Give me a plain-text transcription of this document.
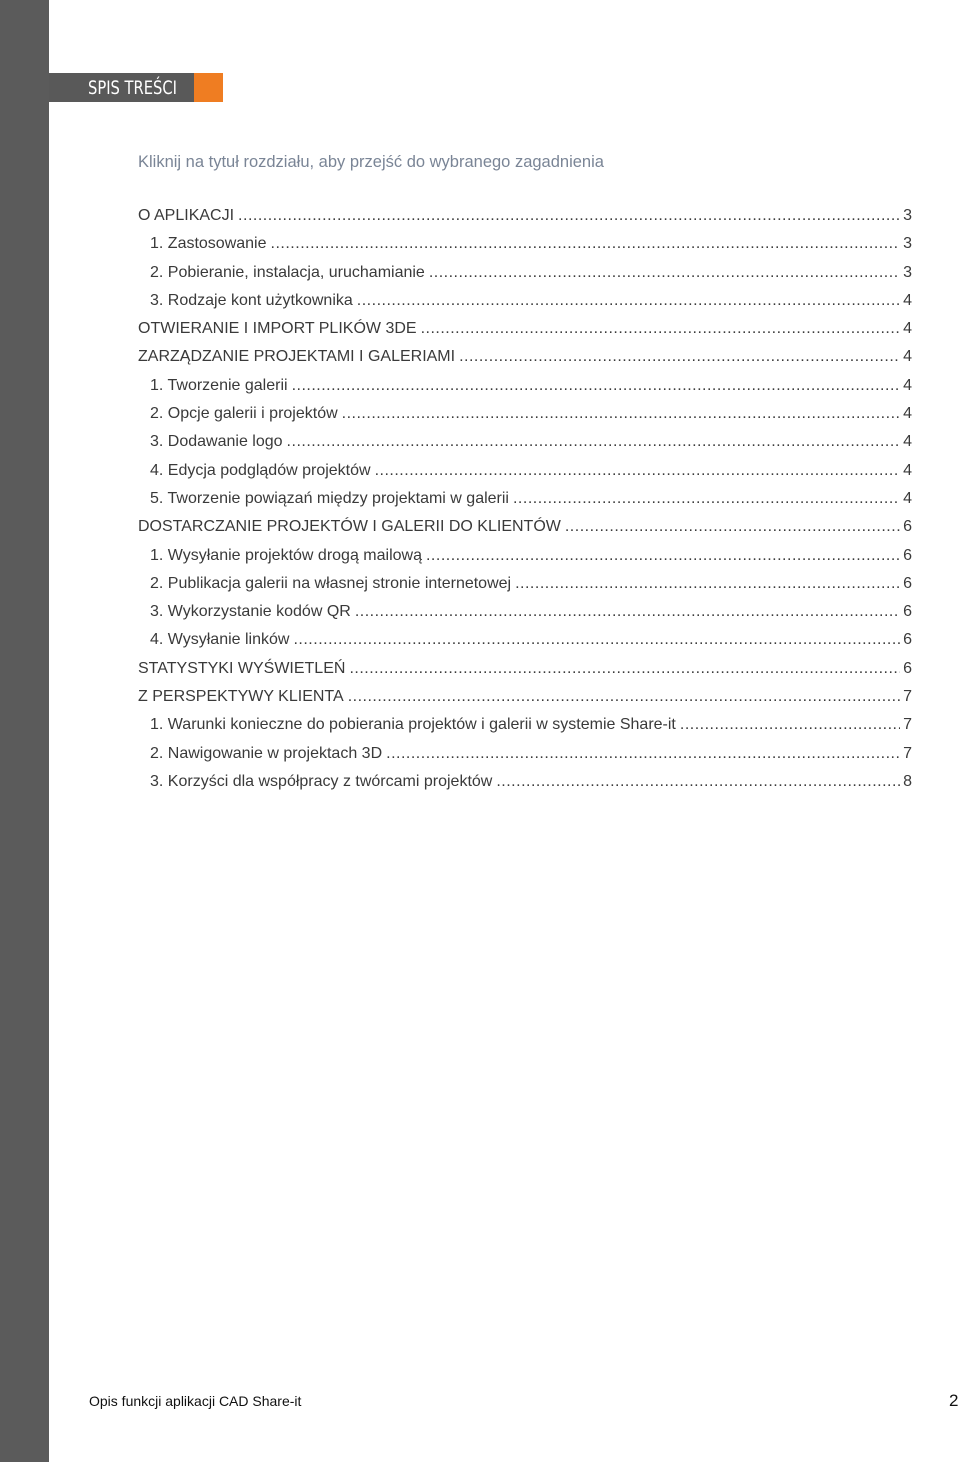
SPIS TREŚCI
Kliknij na tytuł rozdziału, aby przejść do wybranego zagadnienia
O APLIKACJI .....	3
1. Zastosowanie .....	3
2. Pobieranie, instalacja, uruchamianie .....	3
3. Rodzaje kont użytkownika .....	4
OTWIERANIE I IMPORT PLIKÓW 3DE .....	4
ZARZĄDZANIE PROJEKTAMI I GALERIAMI .....	4
1. Tworzenie galerii .....	4
2. Opcje galerii i projektów .....	4
3. Dodawanie logo .....	4
4. Edycja podglądów projektów .....	4
5. Tworzenie powiązań między projektami w galerii .....	4
DOSTARCZANIE PROJEKTÓW I GALERII DO KLIENTÓW .....	6
1. Wysyłanie projektów drogą mailową .....	6
2. Publikacja galerii na własnej stronie internetowej .....	6
3. Wykorzystanie kodów QR .....	6
4. Wysyłanie linków .....	6
STATYSTYKI WYŚWIETLEŃ .....	6
Z PERSPEKTYWY KLIENTA .....	7
1. Warunki konieczne do pobierania projektów i galerii w systemie Share-it .....	7
2. Nawigowanie w projektach 3D .....	7
3. Korzyści dla współpracy z twórcami projektów .....	8
Opis funkcji aplikacji CAD Share-it	2
